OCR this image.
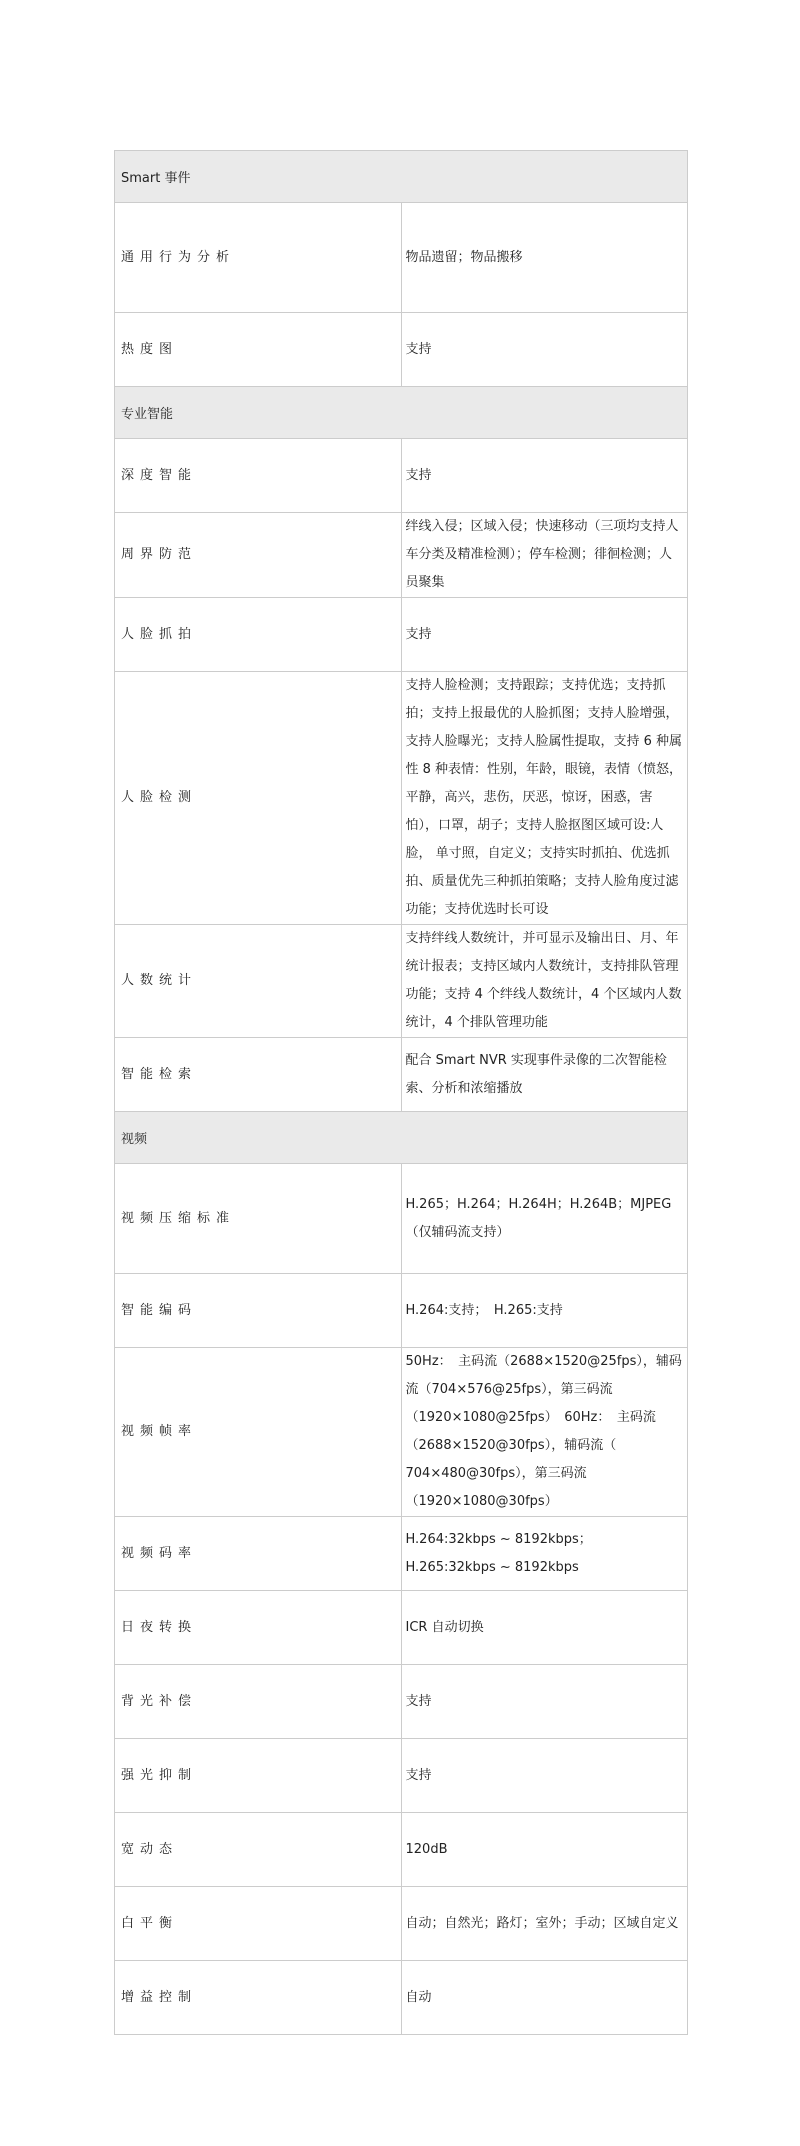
Smart 事件	
通用行为分析	物品遗留；物品搬移
热度图	支持
专业智能	
深度智能	支持
周界防范	绊线入侵；区域入侵；快速移动（三项均支持人车分类及精准检测）；停车检测；徘徊检测；人员聚集
人脸抓拍	支持
人脸检测	支持人脸检测；支持跟踪；支持优选；支持抓拍；支持上报最优的人脸抓图；支持人脸增强，支持人脸曝光；支持人脸属性提取，支持 6 种属性 8 种表情：性别，年龄，眼镜，表情（愤怒，平静，高兴，悲伤，厌恶，惊讶，困惑，害怕），口罩，胡子；支持人脸抠图区域可设:人脸， 单寸照，自定义；支持实时抓拍、优选抓拍、质量优先三种抓拍策略；支持人脸角度过滤功能；支持优选时长可设
人数统计	支持绊线人数统计，并可显示及输出日、月、年统计报表；支持区域内人数统计，支持排队管理功能；支持 4 个绊线人数统计，4 个区域内人数统计，4 个排队管理功能
智能检索	配合 Smart NVR 实现事件录像的二次智能检索、分析和浓缩播放
视频	
视频压缩标准	H.265；H.264；H.264H；H.264B；MJPEG（仅辅码流支持）
智能编码	H.264:支持；　H.265:支持
视频帧率	50Hz：　主码流（2688×1520@25fps），辅码流（704×576@25fps），第三码流（1920×1080@25fps）　60Hz：　主码流（2688×1520@30fps），辅码流（　704×480@30fps），第三码流（1920×1080@30fps）
视频码率	H.264:32kbps ~ 8192kbps；　H.265:32kbps ~ 8192kbps
日夜转换	ICR 自动切换
背光补偿	支持
强光抑制	支持
宽动态	120dB
白平衡	自动；自然光；路灯；室外；手动；区域自定义
增益控制	自动
